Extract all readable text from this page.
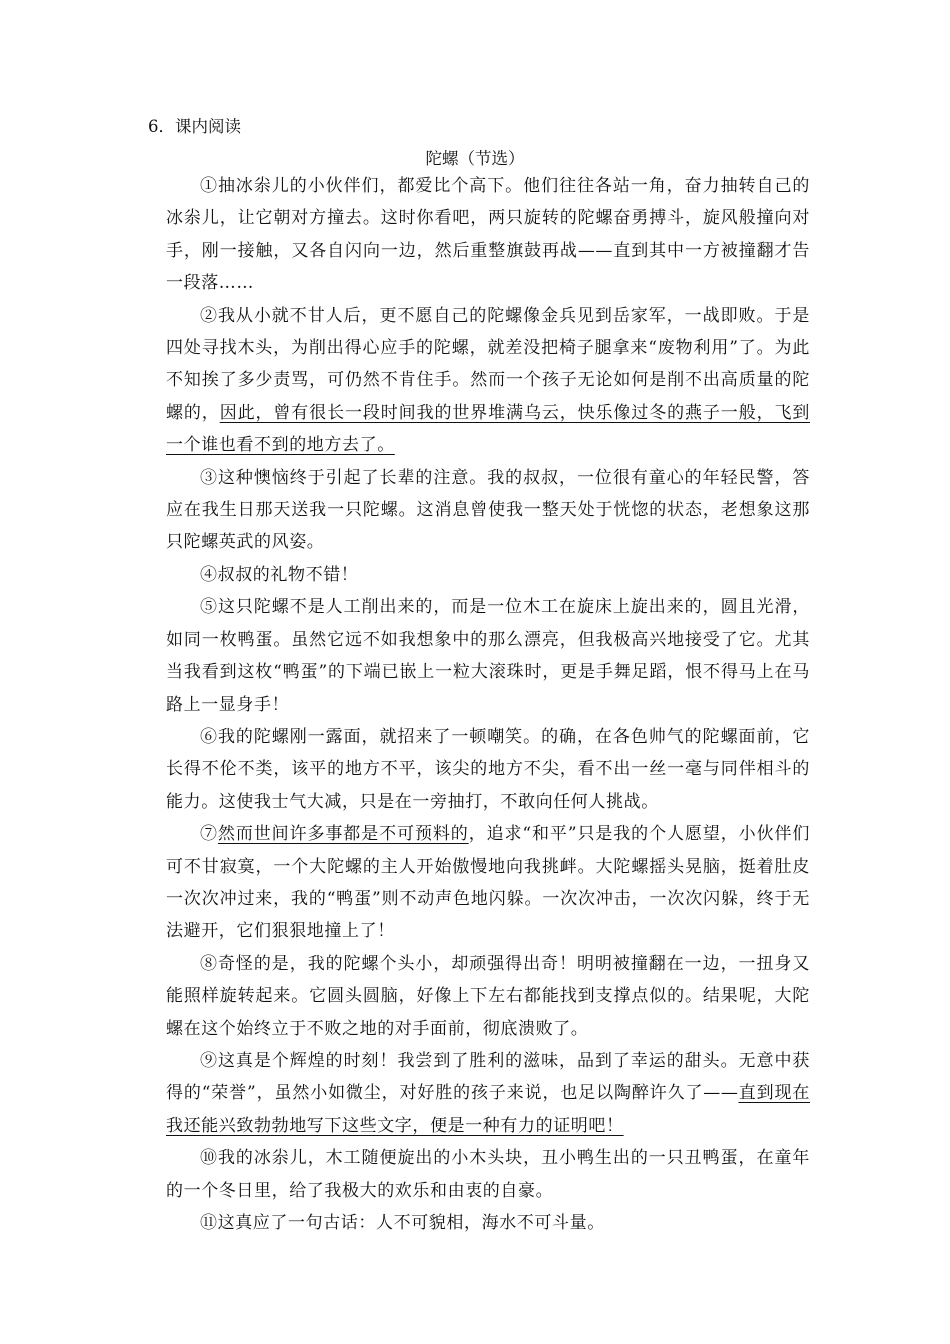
6．课内阅读
陀螺（节选）

①抽冰尜儿的小伙伴们，都爱比个高下。他们往往各站一角，奋力抽转自己的冰尜儿，让它朝对方撞去。这时你看吧，两只旋转的陀螺奋勇搏斗，旋风般撞向对手，刚一接触，又各自闪向一边，然后重整旗鼓再战——直到其中一方被撞翻才告一段落……

②我从小就不甘人后，更不愿自己的陀螺像金兵见到岳家军，一战即败。于是四处寻找木头，为削出得心应手的陀螺，就差没把椅子腿拿来“废物利用”了。为此不知挨了多少责骂，可仍然不肯住手。然而一个孩子无论如何是削不出高质量的陀螺的，因此，曾有很长一段时间我的世界堆满乌云，快乐像过冬的燕子一般，飞到一个谁也看不到的地方去了。

③这种懊恼终于引起了长辈的注意。我的叔叔，一位很有童心的年轻民警，答应在我生日那天送我一只陀螺。这消息曾使我一整天处于恍惚的状态，老想象这那只陀螺英武的风姿。

④叔叔的礼物不错！

⑤这只陀螺不是人工削出来的，而是一位木工在旋床上旋出来的，圆且光滑，如同一枚鸭蛋。虽然它远不如我想象中的那么漂亮，但我极高兴地接受了它。尤其当我看到这枚“鸭蛋”的下端已嵌上一粒大滚珠时，更是手舞足蹈，恨不得马上在马路上一显身手！

⑥我的陀螺刚一露面，就招来了一顿嘲笑。的确，在各色帅气的陀螺面前，它长得不伦不类，该平的地方不平，该尖的地方不尖，看不出一丝一毫与同伴相斗的能力。这使我士气大减，只是在一旁抽打，不敢向任何人挑战。

⑦然而世间许多事都是不可预料的，追求“和平”只是我的个人愿望，小伙伴们可不甘寂寞，一个大陀螺的主人开始傲慢地向我挑衅。大陀螺摇头晃脑，挺着肚皮一次次冲过来，我的“鸭蛋”则不动声色地闪躲。一次次冲击，一次次闪躲，终于无法避开，它们狠狠地撞上了！

⑧奇怪的是，我的陀螺个头小，却顽强得出奇！明明被撞翻在一边，一扭身又能照样旋转起来。它圆头圆脑，好像上下左右都能找到支撑点似的。结果呢，大陀螺在这个始终立于不败之地的对手面前，彻底溃败了。

⑨这真是个辉煌的时刻！我尝到了胜利的滋味，品到了幸运的甜头。无意中获得的“荣誉”，虽然小如微尘，对好胜的孩子来说，也足以陶醉许久了——直到现在我还能兴致勃勃地写下这些文字，便是一种有力的证明吧！

⑩我的冰尜儿，木工随便旋出的小木头块，丑小鸭生出的一只丑鸭蛋，在童年的一个冬日里，给了我极大的欢乐和由衷的自豪。

⑪这真应了一句古话：人不可貌相，海水不可斗量。
